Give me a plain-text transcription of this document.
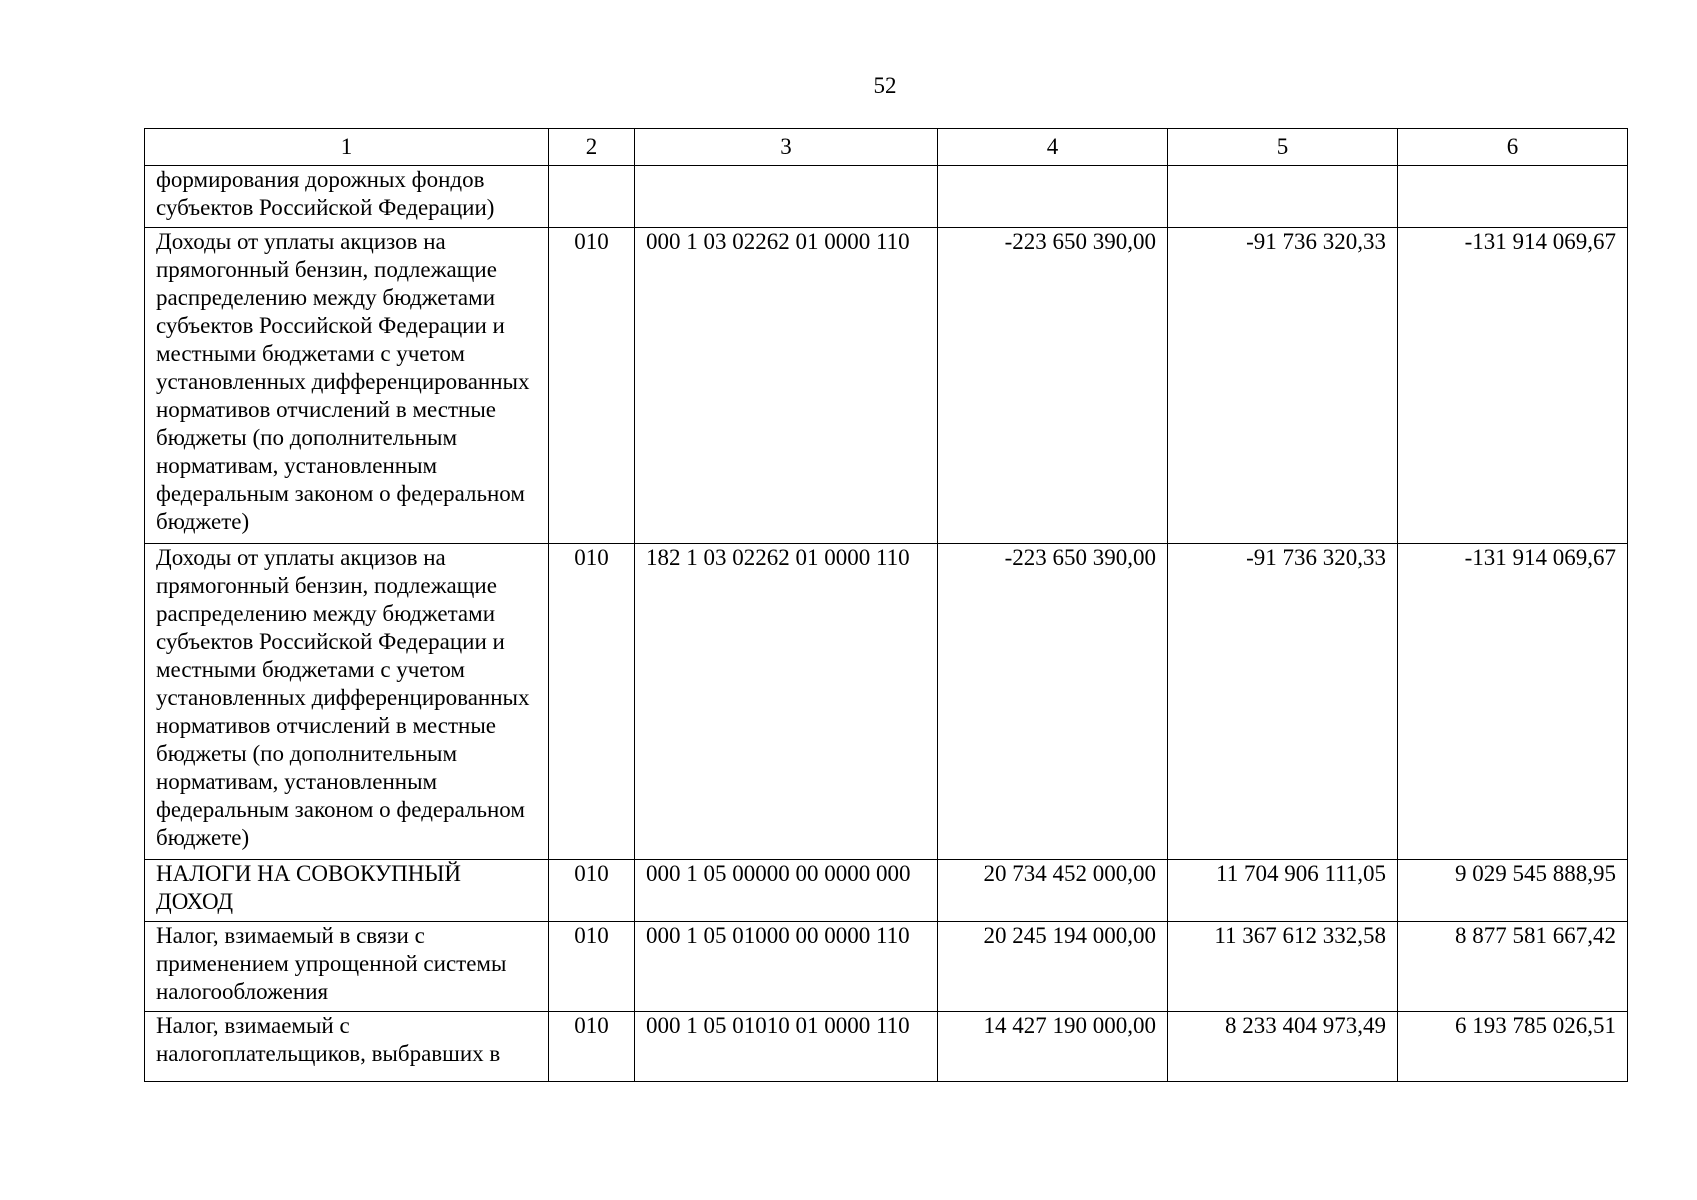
52
1	2	3	4	5	6
формирования дорожных фондов субъектов Российской Федерации)					
Доходы от уплаты акцизов на прямогонный бензин, подлежащие распределению между бюджетами субъектов Российской Федерации и местными бюджетами с учетом установленных дифференцированных нормативов отчислений в местные бюджеты (по дополнительным нормативам, установленным федеральным законом о федеральном бюджете)	010	000 1 03 02262 01 0000 110	-223 650 390,00	-91 736 320,33	-131 914 069,67
Доходы от уплаты акцизов на прямогонный бензин, подлежащие распределению между бюджетами субъектов Российской Федерации и местными бюджетами с учетом установленных дифференцированных нормативов отчислений в местные бюджеты (по дополнительным нормативам, установленным федеральным законом о федеральном бюджете)	010	182 1 03 02262 01 0000 110	-223 650 390,00	-91 736 320,33	-131 914 069,67
НАЛОГИ НА СОВОКУПНЫЙ ДОХОД	010	000 1 05 00000 00 0000 000	20 734 452 000,00	11 704 906 111,05	9 029 545 888,95
Налог, взимаемый в связи с применением упрощенной системы налогообложения	010	000 1 05 01000 00 0000 110	20 245 194 000,00	11 367 612 332,58	8 877 581 667,42
Налог, взимаемый с налогоплательщиков, выбравших в	010	000 1 05 01010 01 0000 110	14 427 190 000,00	8 233 404 973,49	6 193 785 026,51
